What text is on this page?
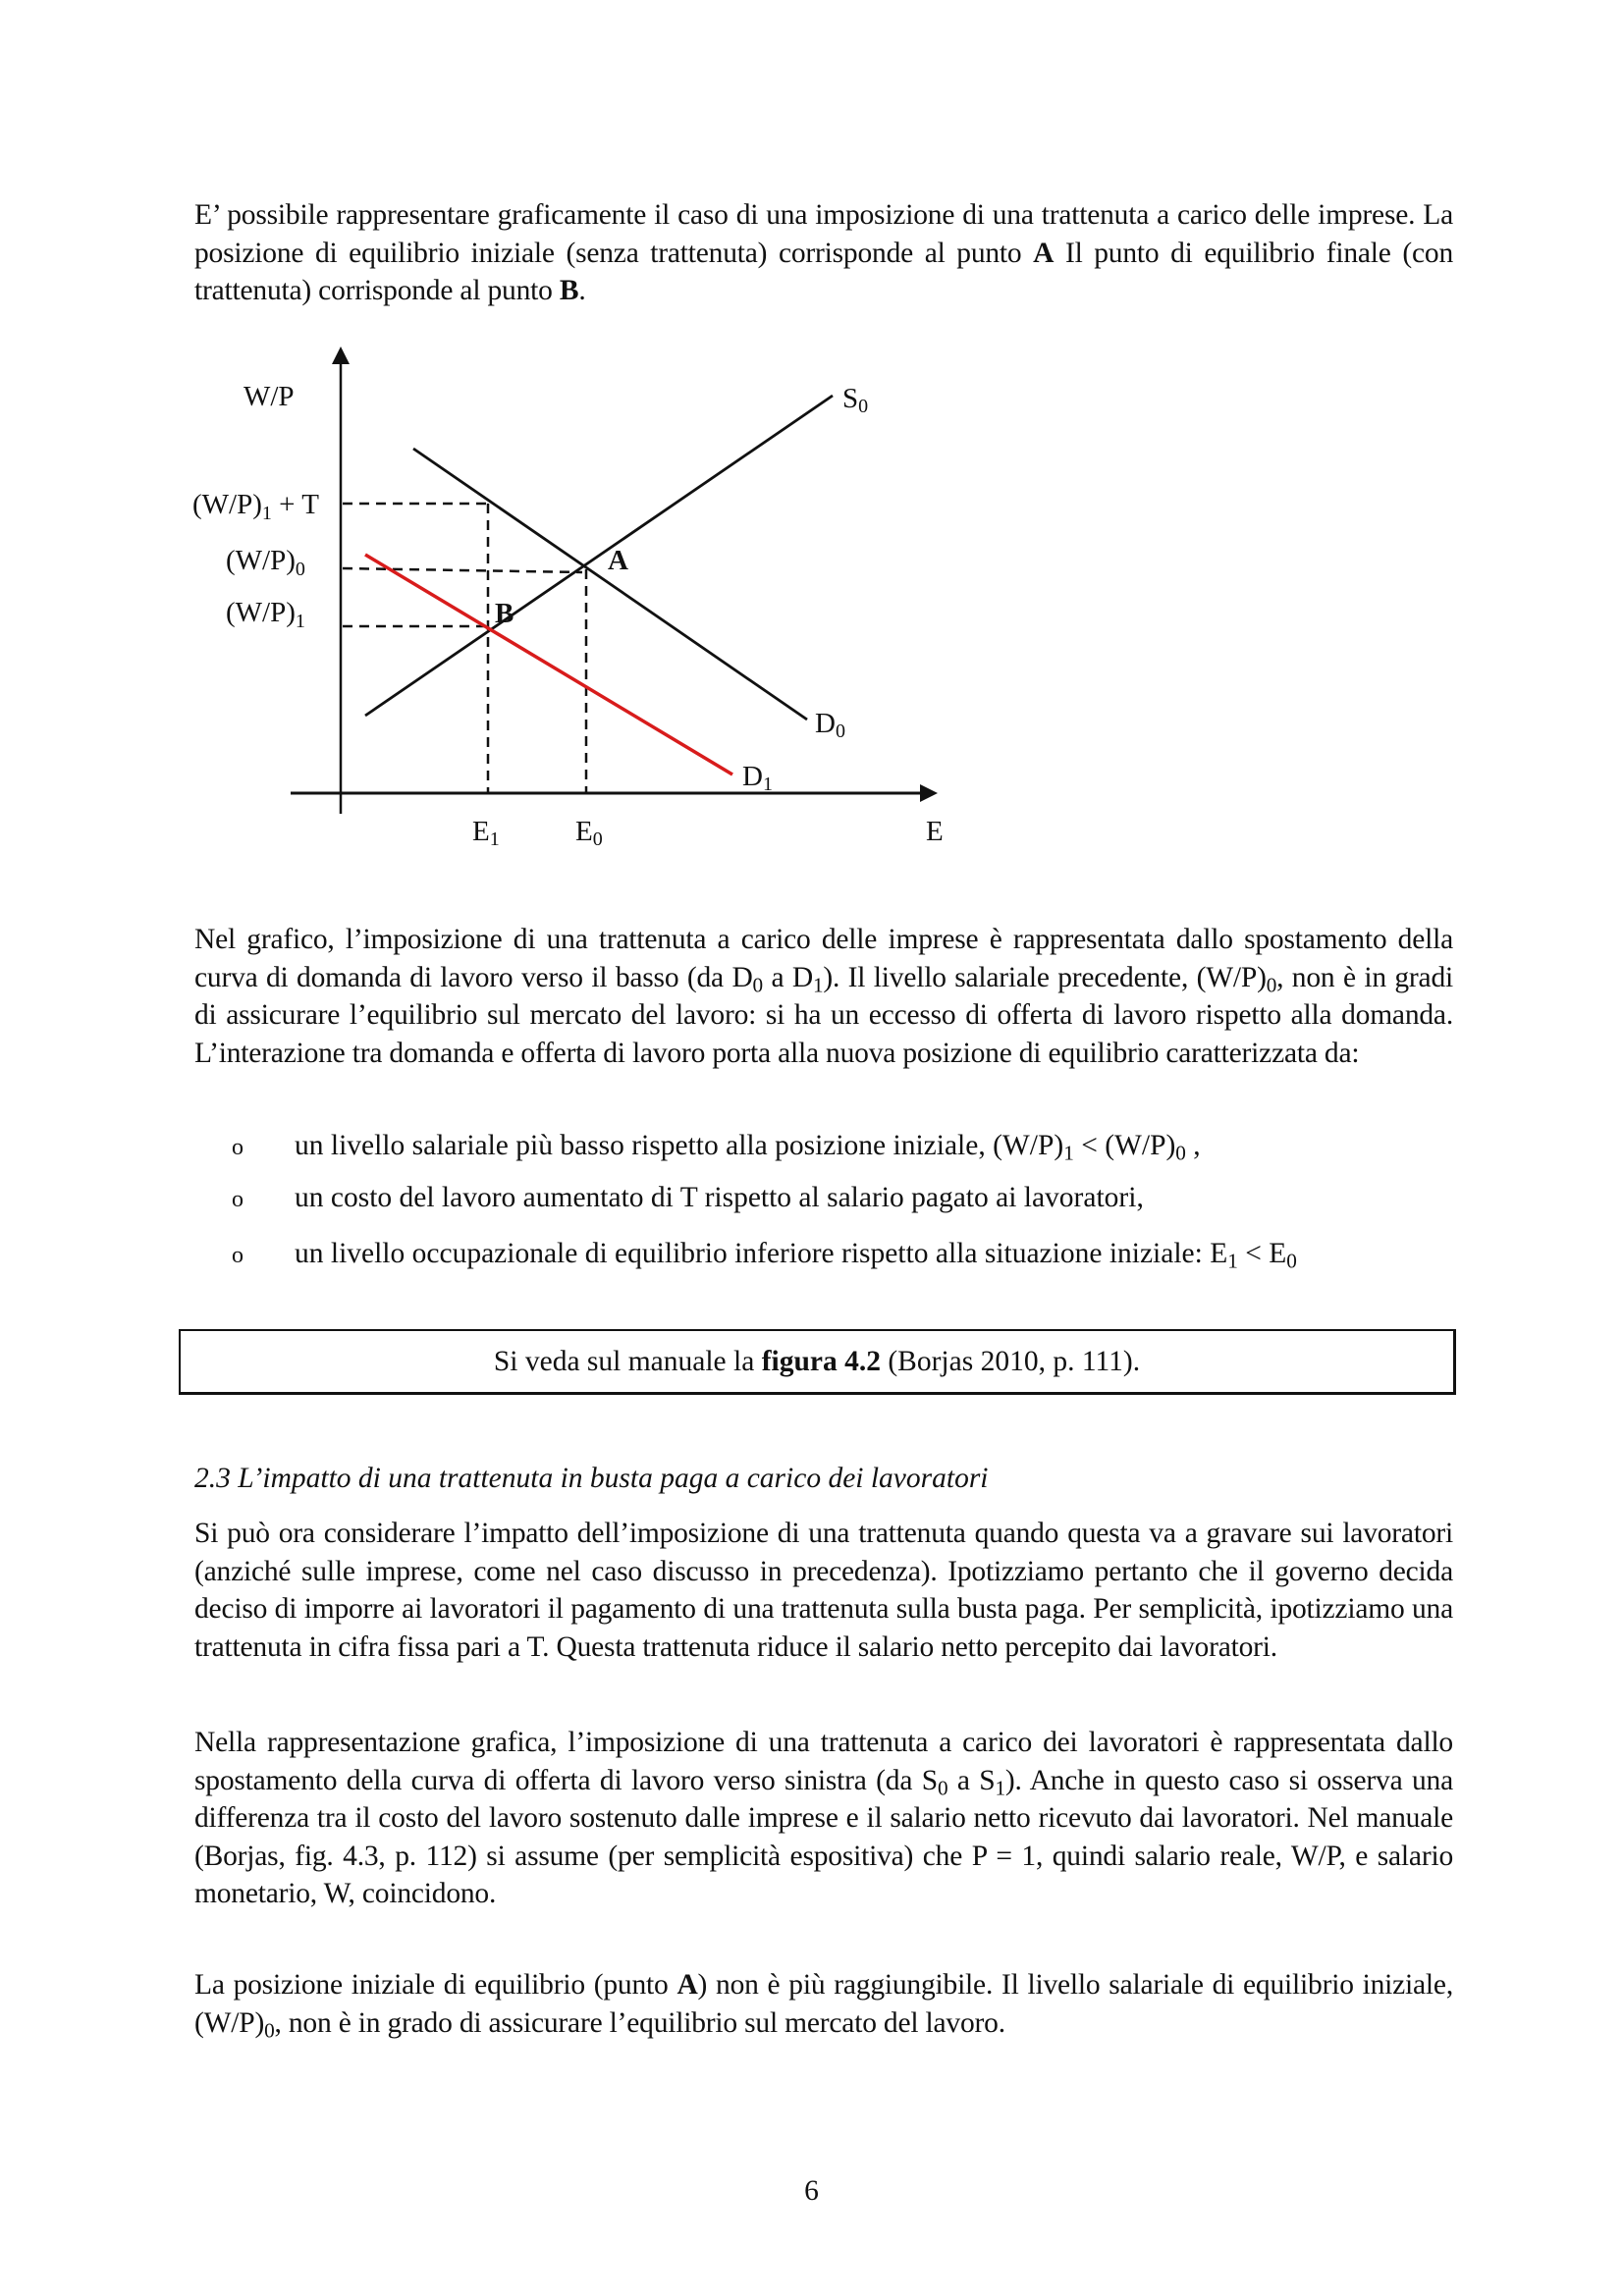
E’ possibile rappresentare graficamente il caso di una imposizione di una trattenuta a carico delle imprese. La posizione di equilibrio iniziale (senza trattenuta) corrisponde al punto A Il punto di equilibrio finale (con trattenuta) corrisponde al punto B.

W/P
$(W/P)_1 + T$
$(W/P)_0$
$(W/P)_1$
S0
D0
D1
E1	E0	E
A
B

Nel grafico, l’imposizione di una trattenuta a carico delle imprese è rappresentata dallo spostamento della curva di domanda di lavoro verso il basso (da $D_0$ a $D_1$). Il livello salariale precedente, $(W/P)_0$, non è in gradi di assicurare l’equilibrio sul mercato del lavoro: si ha un eccesso di offerta di lavoro rispetto alla domanda. L’interazione tra domanda e offerta di lavoro porta alla nuova posizione di equilibrio caratterizzata da:

o un livello salariale più basso rispetto alla posizione iniziale, $(W/P)_1 < (W/P)_0$ ,
o un costo del lavoro aumentato di T rispetto al salario pagato ai lavoratori,
o un livello occupazionale di equilibrio inferiore rispetto alla situazione iniziale: $E_1 < E_0$
Si veda sul manuale la figura 4.2 (Borjas 2010, p. 111).
2.3 L’impatto di una trattenuta in busta paga a carico dei lavoratori

Si può ora considerare l’impatto dell’imposizione di una trattenuta quando questa va a gravare sui lavoratori (anziché sulle imprese, come nel caso discusso in precedenza). Ipotizziamo pertanto che il governo decida deciso di imporre ai lavoratori il pagamento di una trattenuta sulla busta paga. Per semplicità, ipotizziamo una trattenuta in cifra fissa pari a T. Questa trattenuta riduce il salario netto percepito dai lavoratori.

Nella rappresentazione grafica, l’imposizione di una trattenuta a carico dei lavoratori è rappresentata dallo spostamento della curva di offerta di lavoro verso sinistra (da $S_0$ a $S_1$). Anche in questo caso si osserva una differenza tra il costo del lavoro sostenuto dalle imprese e il salario netto ricevuto dai lavoratori. Nel manuale (Borjas, fig. 4.3, p. 112) si assume (per semplicità espositiva) che P = 1, quindi salario reale, W/P, e salario monetario, W, coincidono.

La posizione iniziale di equilibrio (punto A) non è più raggiungibile. Il livello salariale di equilibrio iniziale, $(W/P)_0$, non è in grado di assicurare l’equilibrio sul mercato del lavoro.

6
